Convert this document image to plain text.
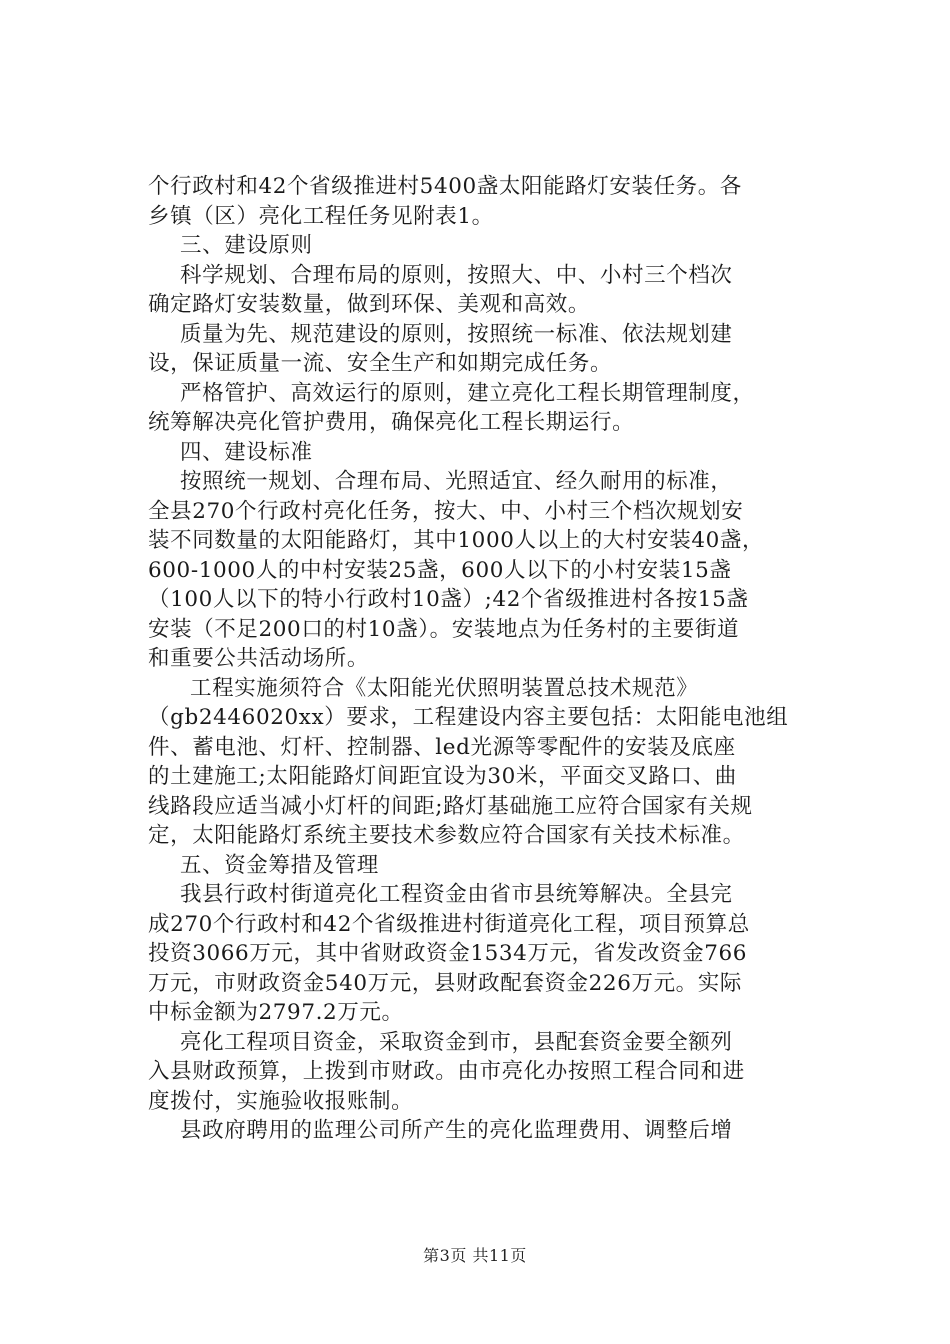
个行政村和42个省级推进村5400盏太阳能路灯安装任务。各
乡镇（区）亮化工程任务见附表1。
三、建设原则
科学规划、合理布局的原则，按照大、中、小村三个档次
确定路灯安装数量，做到环保、美观和高效。
质量为先、规范建设的原则，按照统一标准、依法规划建
设，保证质量一流、安全生产和如期完成任务。
严格管护、高效运行的原则，建立亮化工程长期管理制度，
统筹解决亮化管护费用，确保亮化工程长期运行。
四、建设标准
按照统一规划、合理布局、光照适宜、经久耐用的标准，
全县270个行政村亮化任务，按大、中、小村三个档次规划安
装不同数量的太阳能路灯，其中1000人以上的大村安装40盏，
600-1000人的中村安装25盏，600人以下的小村安装15盏
（100人以下的特小行政村10盏）;42个省级推进村各按15盏
安装（不足200口的村10盏）。安装地点为任务村的主要街道
和重要公共活动场所。
工程实施须符合《太阳能光伏照明装置总技术规范》
（gb2446020xx）要求，工程建设内容主要包括：太阳能电池组
件、蓄电池、灯杆、控制器、led光源等零配件的安装及底座
的土建施工;太阳能路灯间距宜设为30米，平面交叉路口、曲
线路段应适当减小灯杆的间距;路灯基础施工应符合国家有关规
定，太阳能路灯系统主要技术参数应符合国家有关技术标准。
五、资金筹措及管理
我县行政村街道亮化工程资金由省市县统筹解决。全县完
成270个行政村和42个省级推进村街道亮化工程，项目预算总
投资3066万元，其中省财政资金1534万元，省发改资金766
万元，市财政资金540万元，县财政配套资金226万元。实际
中标金额为2797.2万元。
亮化工程项目资金，采取资金到市，县配套资金要全额列
入县财政预算，上拨到市财政。由市亮化办按照工程合同和进
度拨付，实施验收报账制。
县政府聘用的监理公司所产生的亮化监理费用、调整后增
第3页 共11页
